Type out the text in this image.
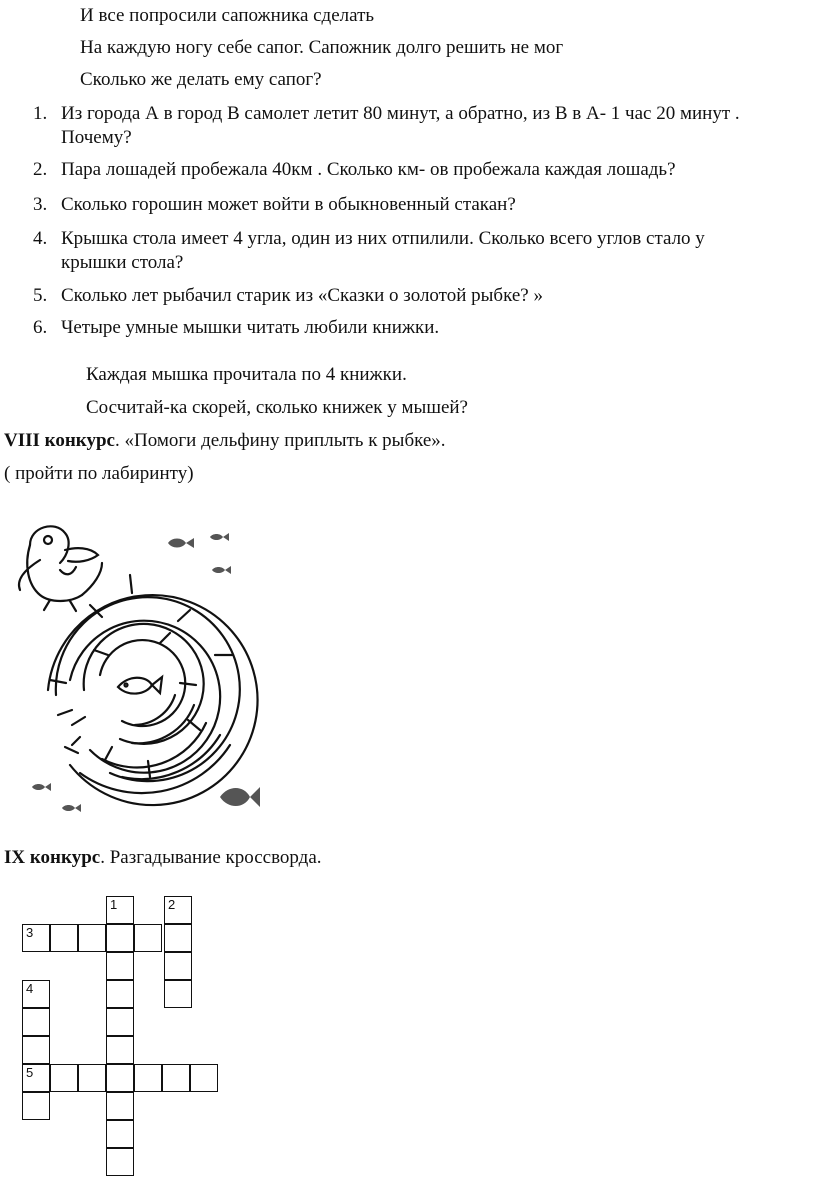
И все попросили сапожника сделать
На каждую ногу себе сапог. Сапожник долго решить не мог
Сколько же делать ему сапог?
1. Из города А в город В самолет летит 80 минут, а обратно, из В в А- 1 час 20 минут .
Почему?
2. Пара лошадей пробежала 40км . Сколько км- ов пробежала каждая лошадь?
3. Сколько горошин может войти в обыкновенный стакан?
4. Крышка стола имеет 4 угла, один из них отпилили. Сколько всего углов стало у
крышки стола?
5. Сколько лет рыбачил старик из «Сказки о золотой рыбке? »
6. Четыре умные мышки читать любили книжки.
Каждая мышка прочитала по 4 книжки.
Сосчитай-ка скорей, сколько книжек у мышей?
VIII конкурс. «Помоги дельфину приплыть к рыбке».
( пройти по лабиринту)
IX конкурс. Разгадывание кроссворда.
1	2
3
4
5
